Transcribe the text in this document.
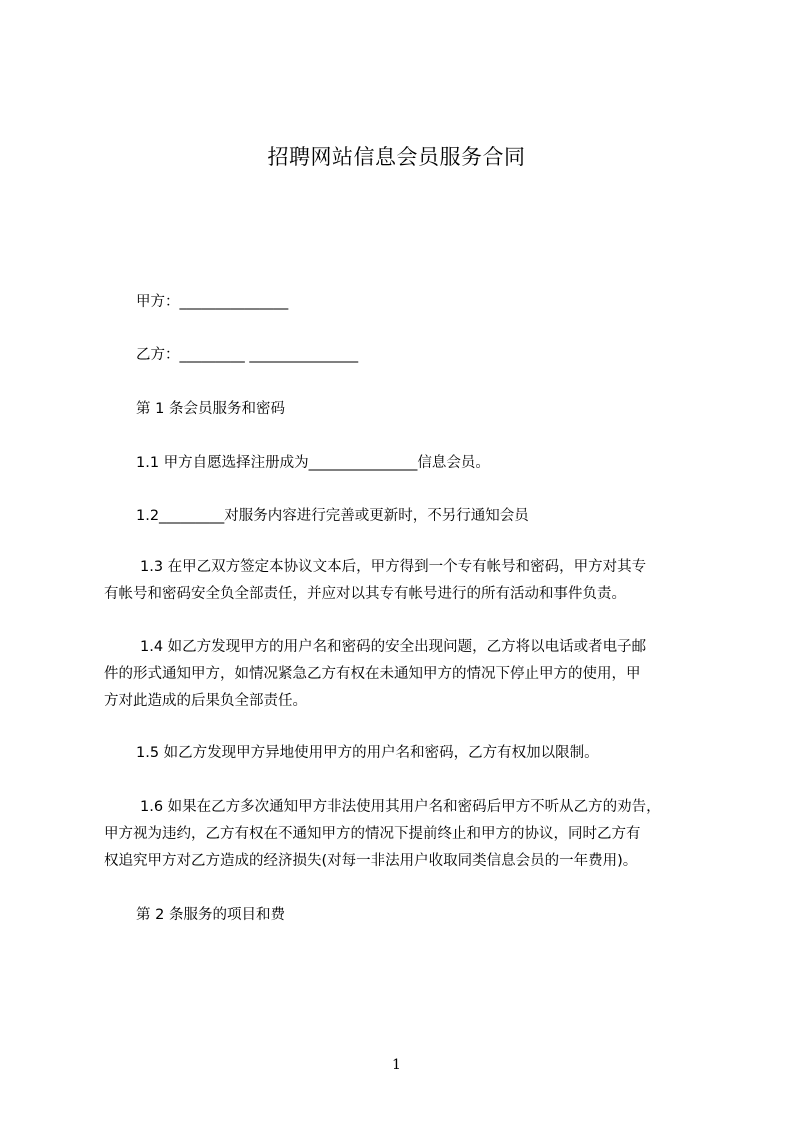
招聘网站信息会员服务合同
甲方：_______________
乙方：_________ _______________
第 1 条会员服务和密码
1.1 甲方自愿选择注册成为_______________信息会员。
1.2_________对服务内容进行完善或更新时，不另行通知会员
1.3 在甲乙双方签定本协议文本后，甲方得到一个专有帐号和密码，甲方对其专
有帐号和密码安全负全部责任，并应对以其专有帐号进行的所有活动和事件负责。
1.4 如乙方发现甲方的用户名和密码的安全出现问题，乙方将以电话或者电子邮
件的形式通知甲方，如情况紧急乙方有权在未通知甲方的情况下停止甲方的使用，甲
方对此造成的后果负全部责任。
1.5 如乙方发现甲方异地使用甲方的用户名和密码，乙方有权加以限制。
1.6 如果在乙方多次通知甲方非法使用其用户名和密码后甲方不听从乙方的劝告，
甲方视为违约，乙方有权在不通知甲方的情况下提前终止和甲方的协议，同时乙方有
权追究甲方对乙方造成的经济损失(对每一非法用户收取同类信息会员的一年费用)。
第 2 条服务的项目和费
1
